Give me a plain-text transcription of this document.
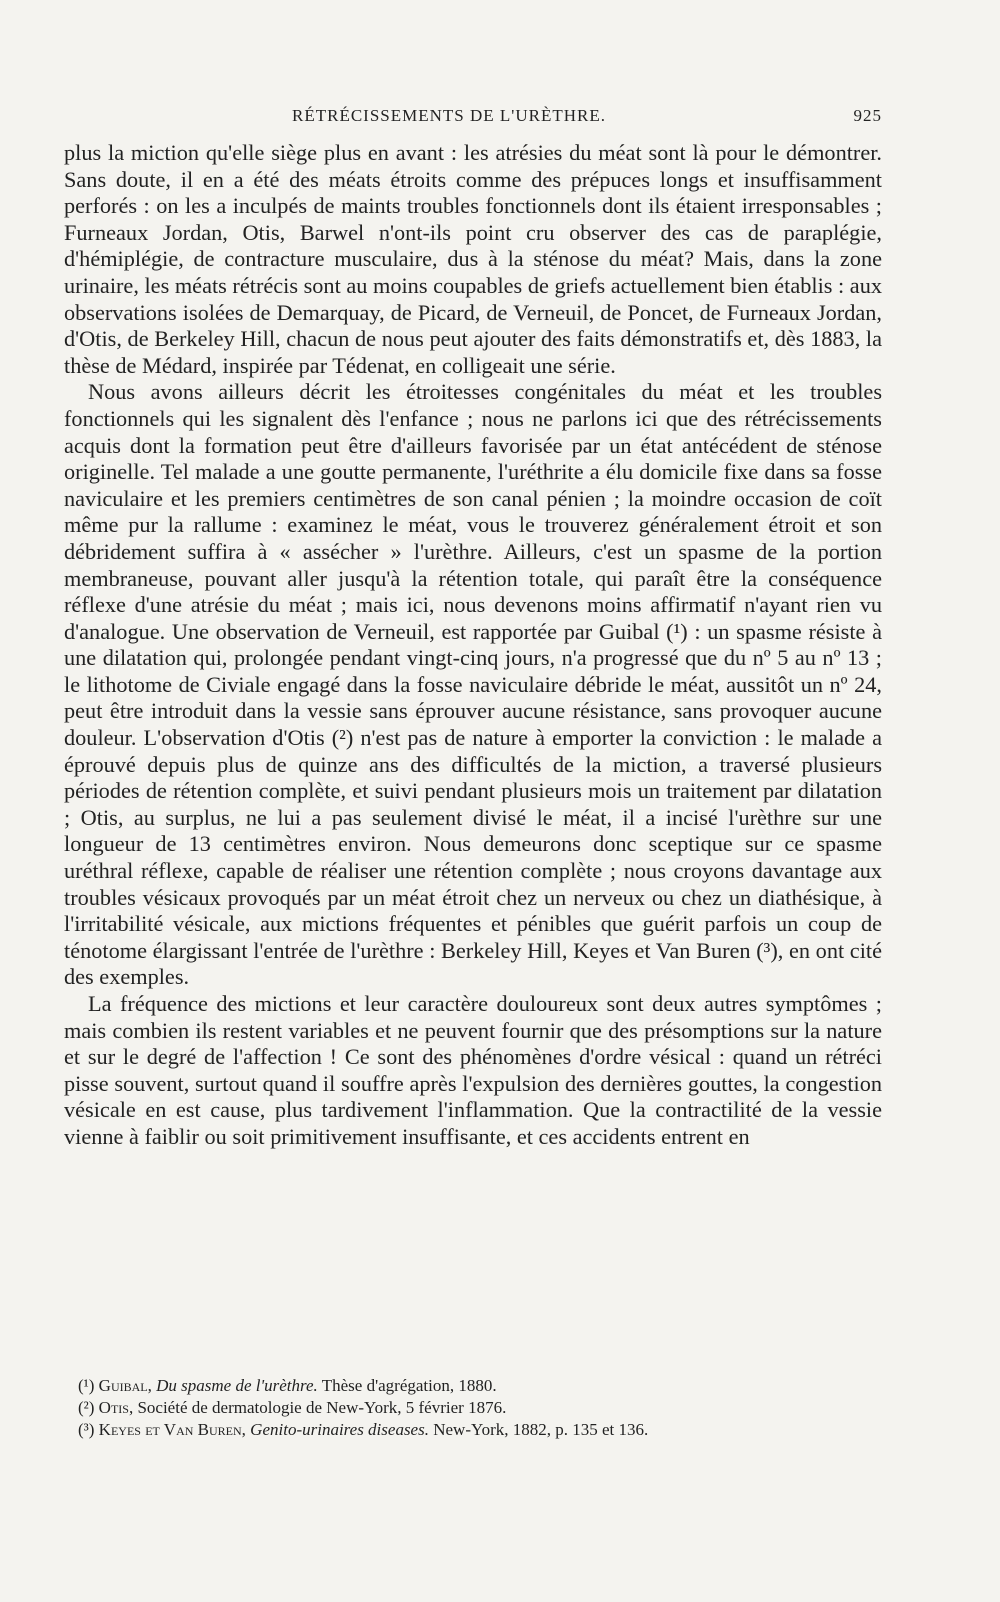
RÉTRÉCISSEMENTS DE L'URÈTHRE.	925

plus la miction qu'elle siège plus en avant : les atrésies du méat sont là pour le démontrer. Sans doute, il en a été des méats étroits comme des prépuces longs et insuffisamment perforés : on les a inculpés de maints troubles fonctionnels dont ils étaient irresponsables ; Furneaux Jordan, Otis, Barwel n'ont-ils point cru observer des cas de paraplégie, d'hémiplégie, de contracture musculaire, dus à la sténose du méat? Mais, dans la zone urinaire, les méats rétrécis sont au moins coupables de griefs actuellement bien établis : aux observations isolées de Demarquay, de Picard, de Verneuil, de Poncet, de Furneaux Jordan, d'Otis, de Berkeley Hill, chacun de nous peut ajouter des faits démonstratifs et, dès 1883, la thèse de Médard, inspirée par Tédenat, en colligeait une série.

Nous avons ailleurs décrit les étroitesses congénitales du méat et les troubles fonctionnels qui les signalent dès l'enfance ; nous ne parlons ici que des rétrécissements acquis dont la formation peut être d'ailleurs favorisée par un état antécédent de sténose originelle. Tel malade a une goutte permanente, l'uréthrite a élu domicile fixe dans sa fosse naviculaire et les premiers centimètres de son canal pénien ; la moindre occasion de coït même pur la rallume : examinez le méat, vous le trouverez généralement étroit et son débridement suffira à « assécher » l'urèthre. Ailleurs, c'est un spasme de la portion membraneuse, pouvant aller jusqu'à la rétention totale, qui paraît être la conséquence réflexe d'une atrésie du méat ; mais ici, nous devenons moins affirmatif n'ayant rien vu d'analogue. Une observation de Verneuil, est rapportée par Guibal (¹) : un spasme résiste à une dilatation qui, prolongée pendant vingt-cinq jours, n'a progressé que du nº 5 au nº 13 ; le lithotome de Civiale engagé dans la fosse naviculaire débride le méat, aussitôt un nº 24, peut être introduit dans la vessie sans éprouver aucune résistance, sans provoquer aucune douleur. L'observation d'Otis (²) n'est pas de nature à emporter la conviction : le malade a éprouvé depuis plus de quinze ans des difficultés de la miction, a traversé plusieurs périodes de rétention complète, et suivi pendant plusieurs mois un traitement par dilatation ; Otis, au surplus, ne lui a pas seulement divisé le méat, il a incisé l'urèthre sur une longueur de 13 centimètres environ. Nous demeurons donc sceptique sur ce spasme uréthral réflexe, capable de réaliser une rétention complète ; nous croyons davantage aux troubles vésicaux provoqués par un méat étroit chez un nerveux ou chez un diathésique, à l'irritabilité vésicale, aux mictions fréquentes et pénibles que guérit parfois un coup de ténotome élargissant l'entrée de l'urèthre : Berkeley Hill, Keyes et Van Buren (³), en ont cité des exemples.

La fréquence des mictions et leur caractère douloureux sont deux autres symptômes ; mais combien ils restent variables et ne peuvent fournir que des présomptions sur la nature et sur le degré de l'affection ! Ce sont des phénomènes d'ordre vésical : quand un rétréci pisse souvent, surtout quand il souffre après l'expulsion des dernières gouttes, la congestion vésicale en est cause, plus tardivement l'inflammation. Que la contractilité de la vessie vienne à faiblir ou soit primitivement insuffisante, et ces accidents entrent en

(¹) Guibal, Du spasme de l'urèthre. Thèse d'agrégation, 1880.
(²) Otis, Société de dermatologie de New-York, 5 février 1876.
(³) Keyes et Van Buren, Genito-urinaires diseases. New-York, 1882, p. 135 et 136.
